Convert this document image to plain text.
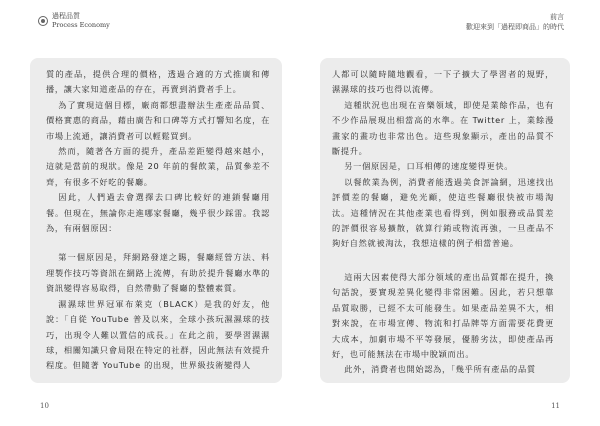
過程品質
Process Economy

質的產品，提供合理的價格，透過合適的方式推廣和傳播，讓大家知道產品的存在，再賣到消費者手上。

為了實現這個目標，廠商都想盡辦法生產產品品質、價格實惠的商品，藉由廣告和口碑等方式打響知名度，在市場上流通，讓消費者可以輕鬆買到。

然而，隨著各方面的提升，產品差距變得越來越小，這就是當前的現狀。像是 20 年前的餐飲業，品質參差不齊，有很多不好吃的餐廳。

因此，人們過去會選擇去口碑比較好的連鎖餐廳用餐。但現在，無論你走進哪家餐廳，幾乎很少踩雷。我認為，有兩個原因：

第一個原因是，拜網路發達之賜，餐廳經營方法、料理製作技巧等資訊在網路上流傳，有助於提升餐廳水準的資訊變得容易取得，自然帶動了餐廳的整體素質。

濕濕球世界冠軍布萊克（BLACK）是我的好友，他說：「自從 YouTube 普及以來，全球小孩玩濕濕球的技巧，出現令人難以置信的成長。」在此之前，要學習濕濕球，相關知識只會局限在特定的社群，因此無法有效提升程度。但隨著 YouTube 的出現，世界級技術變得人

10
前言
歡迎來到「過程即商品」的時代

人都可以隨時隨地觀看，一下子擴大了學習者的規野，濕濕球的技巧也得以流傳。

這種狀況也出現在音樂領域，即使是業餘作品，也有不少作品展現出相當高的水準。在 Twitter 上，業餘漫畫家的畫功也非常出色。這些現象顯示，產出的品質不斷提升。

另一個原因是，口耳相傳的速度變得更快。

以餐飲業為例，消費者能透過美食評論網，迅速找出評價差的餐廳，避免光顧，使這些餐廳很快被市場淘汰。這種情況在其他產業也看得到，例如服務或品質差的評價很容易擴散，就算行銷或物流再強，一旦產品不夠好自然就被淘汰，我想這樣的例子相當普遍。

這兩大因素使得大部分領域的產出品質都在提升，換句話說，要實現差異化變得非常困難。因此，若只想靠品質取勝，已經不太可能發生。如果產品差異不大，相對來說，在市場宣傳、物流和打品牌等方面需要花費更大成本，加劇市場不平等發展，優勝劣汰，即使產品再好，也可能無法在市場中脫穎而出。

此外，消費者也開始認為，「幾乎所有產品的品質

11
